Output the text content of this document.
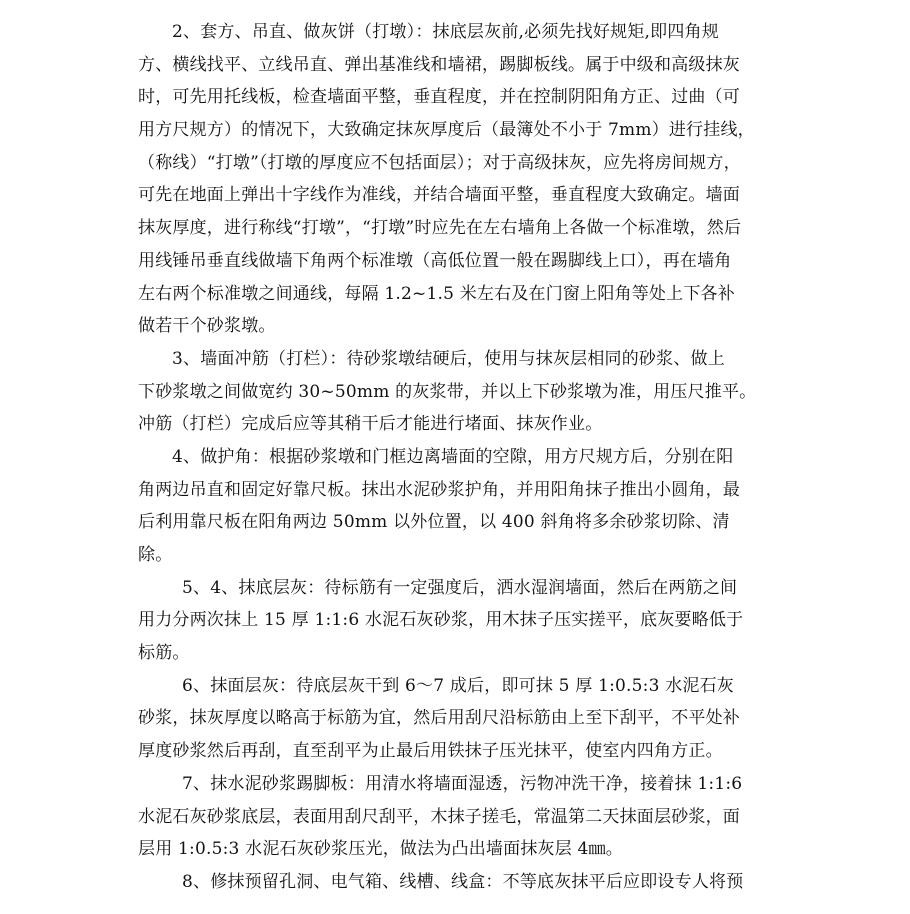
2、套方、吊直、做灰饼（打墩）：抹底层灰前,必须先找好规矩,即四角规
方、横线找平、立线吊直、弹出基准线和墙裙，踢脚板线。属于中级和高级抹灰
时，可先用托线板，检查墙面平整，垂直程度，并在控制阴阳角方正、过曲（可
用方尺规方）的情况下，大致确定抹灰厚度后（最簿处不小于 7mm）进行挂线，
（称线）“打墩”（打墩的厚度应不包括面层）；对于高级抹灰，应先将房间规方，
可先在地面上弹出十字线作为准线，并结合墙面平整，垂直程度大致确定。墙面
抹灰厚度，进行称线“打墩”，“打墩”时应先在左右墙角上各做一个标准墩，然后
用线锤吊垂直线做墙下角两个标准墩（高低位置一般在踢脚线上口），再在墙角
左右两个标准墩之间通线，每隔 1.2~1.5 米左右及在门窗上阳角等处上下各补
做若干个砂浆墩。
3、墙面冲筋（打栏）：待砂浆墩结硬后，使用与抹灰层相同的砂浆、做上
下砂浆墩之间做宽约 30~50mm 的灰浆带，并以上下砂浆墩为准，用压尺推平。
冲筋（打栏）完成后应等其稍干后才能进行堵面、抹灰作业。
4、做护角：根据砂浆墩和门框边离墙面的空隙，用方尺规方后，分别在阳
角两边吊直和固定好靠尺板。抹出水泥砂浆护角，并用阳角抹子推出小圆角，最
后利用靠尺板在阳角两边 50mm 以外位置，以 400 斜角将多余砂浆切除、清
除。
5、4、抹底层灰：待标筋有一定强度后，洒水湿润墙面，然后在两筋之间
用力分两次抹上 15 厚 1:1:6 水泥石灰砂浆，用木抹子压实搓平，底灰要略低于
标筋。
6、抹面层灰：待底层灰干到 6～7 成后，即可抹 5 厚 1:0.5:3 水泥石灰
砂浆，抹灰厚度以略高于标筋为宜，然后用刮尺沿标筋由上至下刮平，不平处补
厚度砂浆然后再刮，直至刮平为止最后用铁抹子压光抹平，使室内四角方正。
7、抹水泥砂浆踢脚板：用清水将墙面湿透，污物冲洗干净，接着抹 1:1:6
水泥石灰砂浆底层，表面用刮尺刮平，木抹子搓毛，常温第二天抹面层砂浆，面
层用 1:0.5:3 水泥石灰砂浆压光，做法为凸出墙面抹灰层 4㎜。
8、修抹预留孔洞、电气箱、线槽、线盒：不等底灰抹平后应即设专人将预
